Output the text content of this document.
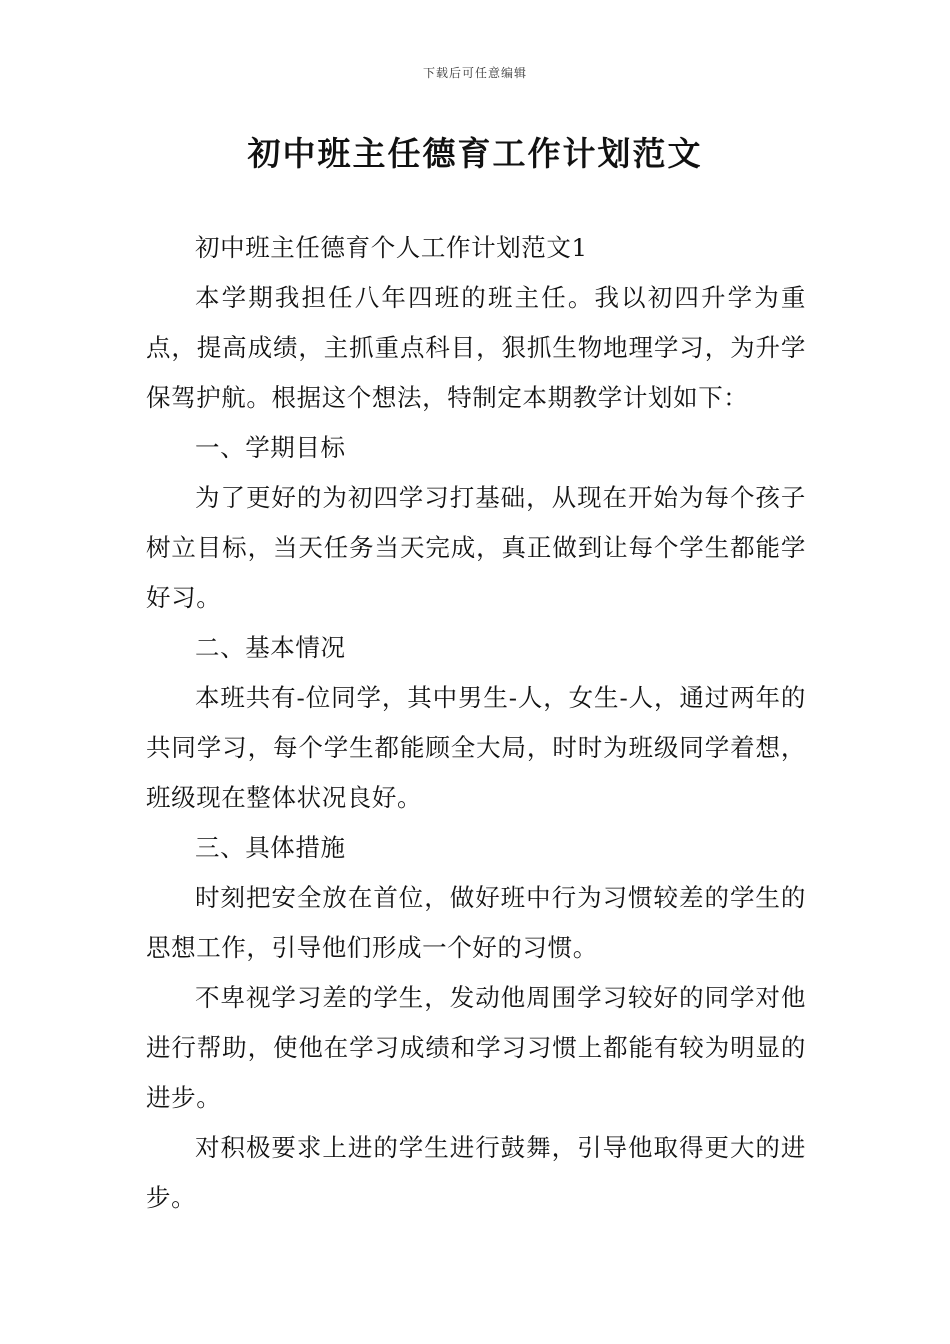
下载后可任意编辑
初中班主任德育工作计划范文

初中班主任德育个人工作计划范文1

本学期我担任八年四班的班主任。我以初四升学为重点，提高成绩，主抓重点科目，狠抓生物地理学习，为升学保驾护航。根据这个想法，特制定本期教学计划如下：

一、学期目标

为了更好的为初四学习打基础，从现在开始为每个孩子树立目标，当天任务当天完成，真正做到让每个学生都能学好习。

二、基本情况

本班共有-位同学，其中男生-人，女生-人，通过两年的共同学习，每个学生都能顾全大局，时时为班级同学着想，班级现在整体状况良好。

三、具体措施

时刻把安全放在首位，做好班中行为习惯较差的学生的思想工作，引导他们形成一个好的习惯。

不卑视学习差的学生，发动他周围学习较好的同学对他进行帮助，使他在学习成绩和学习习惯上都能有较为明显的进步。

对积极要求上进的学生进行鼓舞，引导他取得更大的进步。
